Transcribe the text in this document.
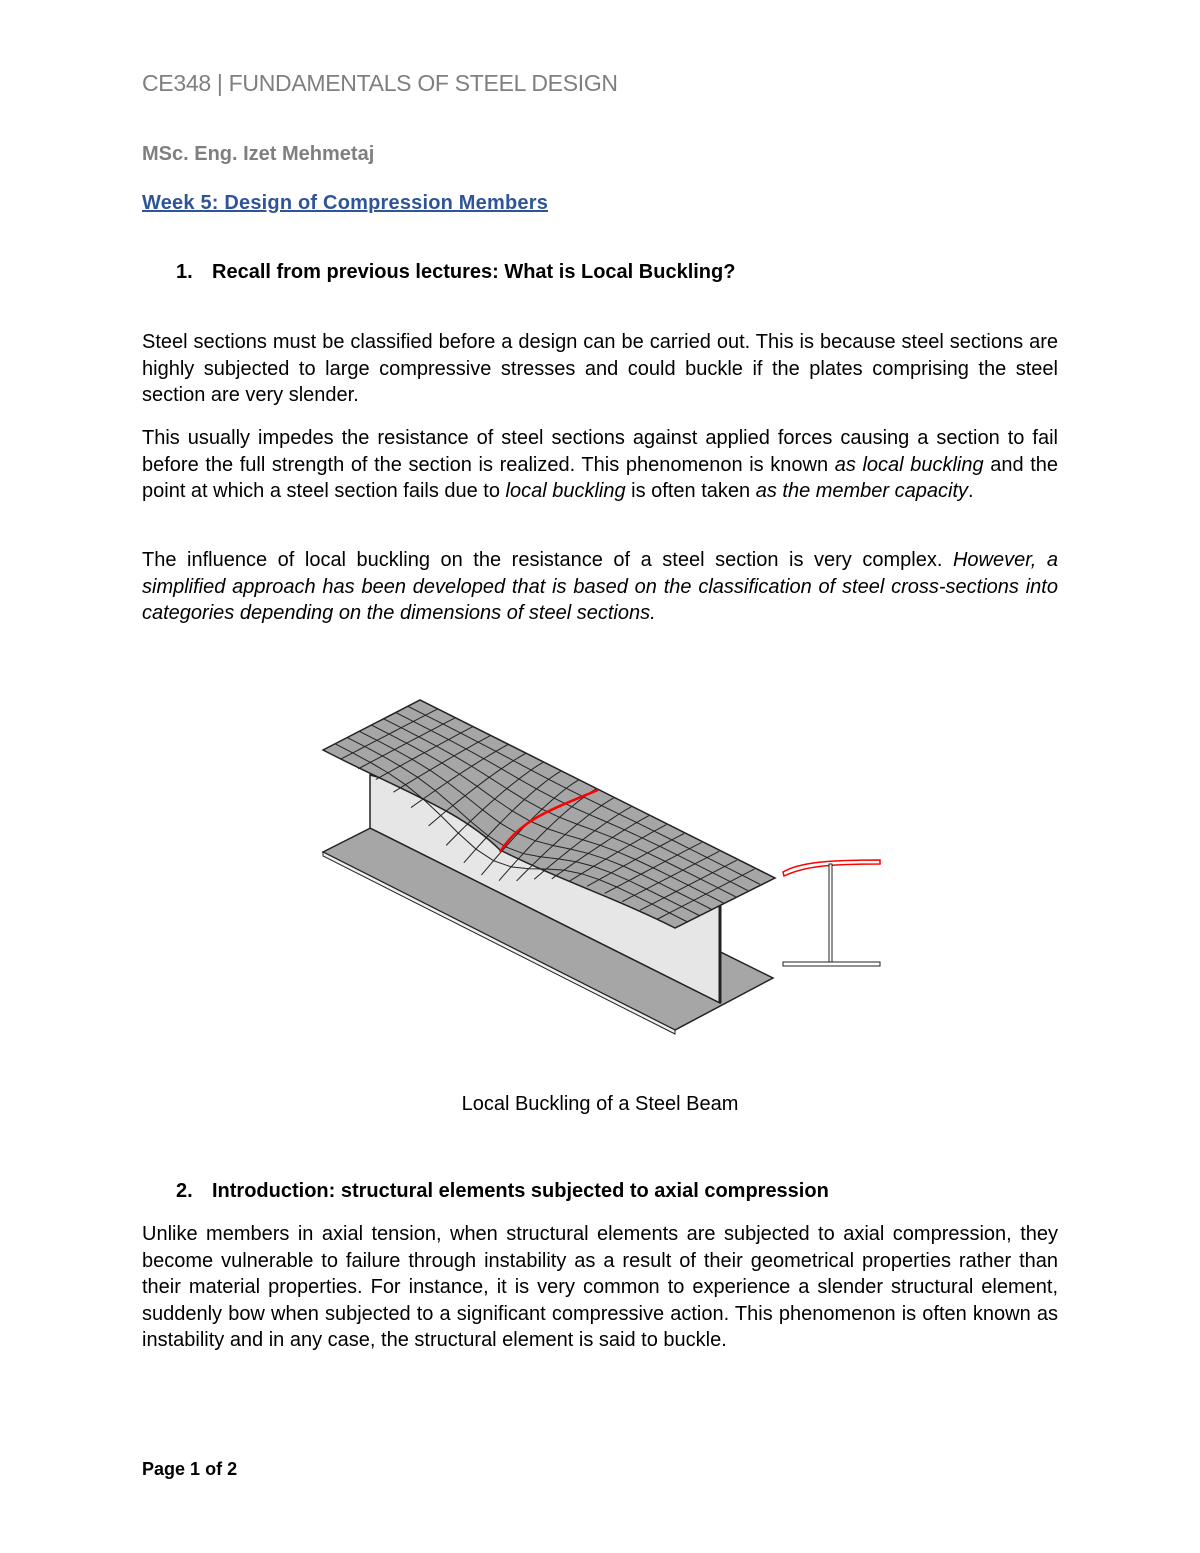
CE348 | FUNDAMENTALS OF STEEL DESIGN
MSc. Eng. Izet Mehmetaj
Week 5: Design of Compression Members
1. Recall from previous lectures: What is Local Buckling?
Steel sections must be classified before a design can be carried out. This is because steel sections are highly subjected to large compressive stresses and could buckle if the plates comprising the steel section are very slender.
This usually impedes the resistance of steel sections against applied forces causing a section to fail before the full strength of the section is realized. This phenomenon is known as local buckling and the point at which a steel section fails due to local buckling is often taken as the member capacity.
The influence of local buckling on the resistance of a steel section is very complex. However, a simplified approach has been developed that is based on the classification of steel cross-sections into categories depending on the dimensions of steel sections.
Local Buckling of a Steel Beam
2. Introduction: structural elements subjected to axial compression
Unlike members in axial tension, when structural elements are subjected to axial compression, they become vulnerable to failure through instability as a result of their geometrical properties rather than their material properties. For instance, it is very common to experience a slender structural element, suddenly bow when subjected to a significant compressive action. This phenomenon is often known as instability and in any case, the structural element is said to buckle.
Page 1 of 2
